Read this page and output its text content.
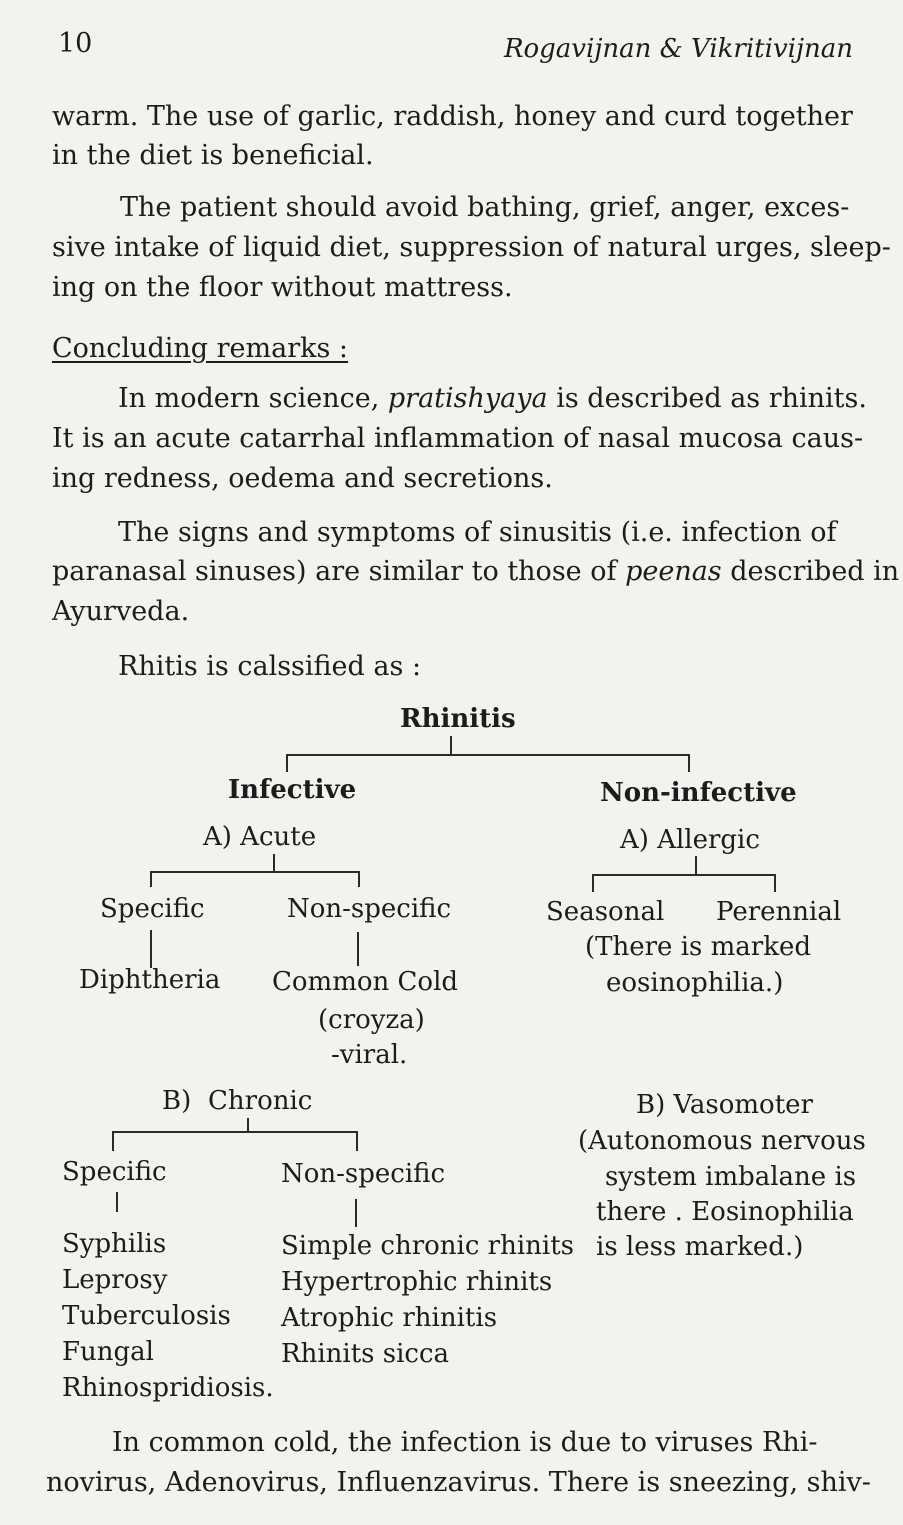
10	Rogavijnan & Vikritivijnan
warm. The use of garlic, raddish, honey and curd together
in the diet is beneficial.
The patient should avoid bathing, grief, anger, exces-
sive intake of liquid diet, suppression of natural urges, sleep-
ing on the floor without mattress.
Concluding remarks :
In modern science, pratishyaya is described as rhinits.
It is an acute catarrhal inflammation of nasal mucosa caus-
ing redness, oedema and secretions.
The signs and symptoms of sinusitis (i.e. infection of
paranasal sinuses) are similar to those of peenas described in
Ayurveda.
Rhitis is calssified as :
Rhinitis
Infective	Non-infective
A) Acute	A) Allergic
Specific	Non-specific	Seasonal Perennial
(There is marked
eosinophilia.)
Diphtheria Common Cold
(croyza)
-viral.
B) Chronic	B) Vasomoter
(Autonomous nervous
system imbalane is
there . Eosinophilia
is less marked.)
Specific	Non-specific
Syphilis
Leprosy
Tuberculosis
Fungal
Rhinospridiosis.
Simple chronic rhinits
Hypertrophic rhinits
Atrophic rhinitis
Rhinits sicca
In common cold, the infection is due to viruses Rhi-
novirus, Adenovirus, Influenzavirus. There is sneezing, shiv-
